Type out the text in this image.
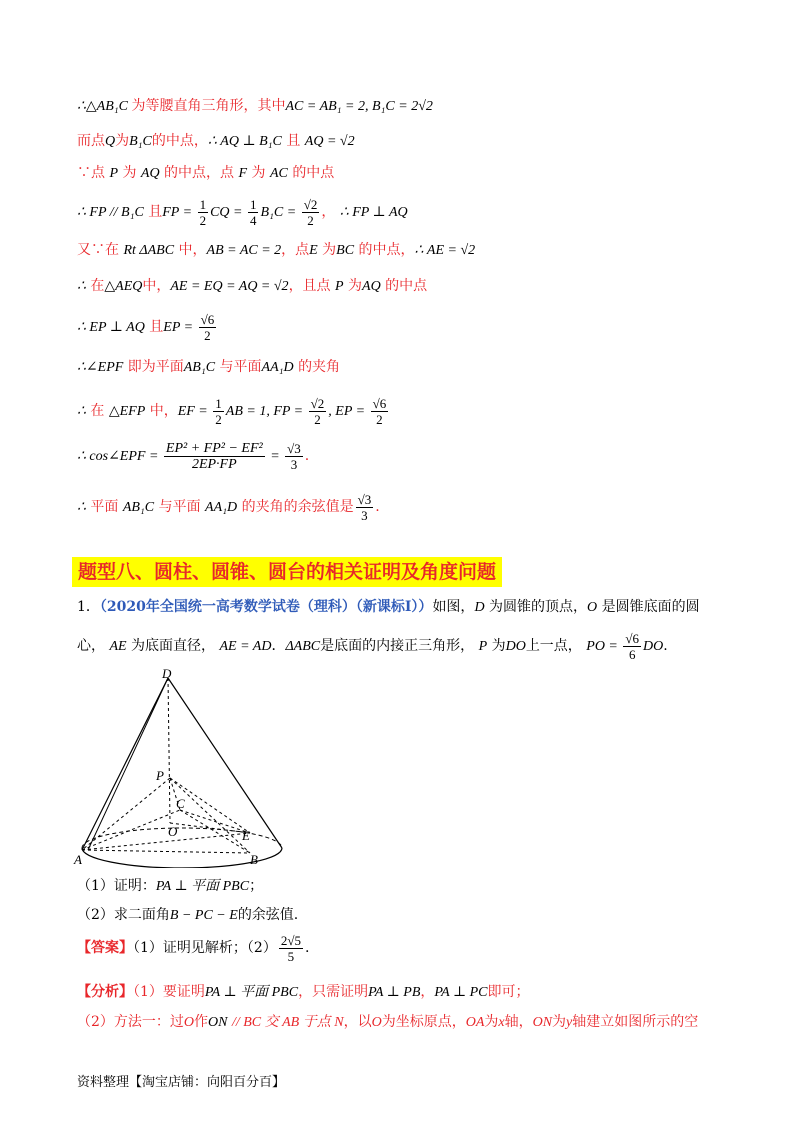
∴△AB₁C 为等腰直角三角形，其中AC = AB₁ = 2, B₁C = 2√2
而点Q为B₁C的中点，∴ AQ ⊥ B₁C 且 AQ = √2
∵点 P 为 AQ 的中点，点 F 为 AC 的中点
∴ FP // B₁C 且FP = $\frac{1}{2}$ CQ = $\frac{1}{4} B_1C = \frac{√2}{2}$ ， ∴ FP ⊥ AQ
又∵在 Rt ΔABC 中，AB = AC = 2，点E 为BC 的中点，∴ AE = √2
∴ 在△AEQ中，AE = EQ = AQ = √2，且点 P 为AQ 的中点
∴ EP ⊥ AQ 且EP = $\frac{√6}{2}$
∴∠EPF 即为平面AB₁C 与平面AA₁D 的夹角
∴ 在 △EFP 中，EF = $\frac{1}{2}$ AB = 1, FP = $\frac{√2}{2}$ , EP = $\frac{√6}{2}$
∴ cos∠EPF = $\frac{\text{EP² + FP² − EF²}}{2EP\cdot FP} = \frac{√3}{3}$ .
∴ 平面 AB₁C 与平面 AA₁D 的夹角的余弦值是 $\frac{√3}{3}$ .
题型八、圆柱、圆锥、圆台的相关证明及角度问题
1．（2020年全国统一高考数学试卷（理科）（新课标Ⅰ））如图，D 为圆锥的顶点，O 是圆锥底面的圆
心， AE 为底面直径， AE = AD．ΔABC是底面的内接正三角形， P 为DO上一点， PO = $\frac{√6}{6}$ DO.
D
P
C
O	E
A	B
（1）证明：PA ⊥ 平面 PBC；
（2）求二面角B − PC − E的余弦值.
【答案】（1）证明见解析；$(2) \frac{2√5}{5}$ .
【分析】（1）要证明PA ⊥ 平面 PBC，只需证明PA ⊥ PB，PA ⊥ PC即可；
（2）方法一：过O作ON // BC 交 AB 于点 N，以O为坐标原点，OA为x轴，ON为y轴建立如图所示的空
资料整理【淘宝店铺：向阳百分百】
